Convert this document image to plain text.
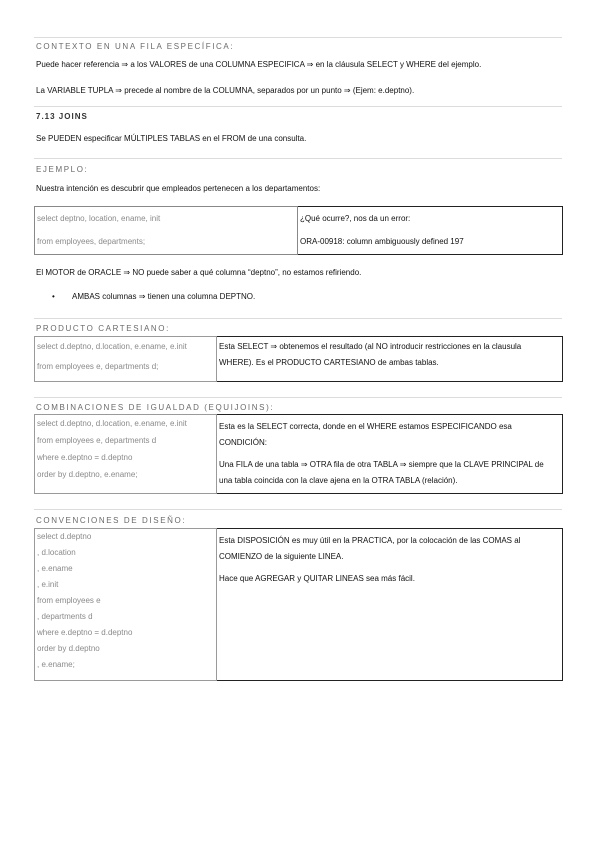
CONTEXTO EN UNA FILA ESPECÍFICA:
Puede hacer referencia ⇒ a los VALORES de una COLUMNA ESPECIFICA ⇒ en la cláusula SELECT y WHERE del ejemplo.
La VARIABLE TUPLA ⇒ precede al nombre de la COLUMNA, separados por un punto ⇒ (Ejem: e.deptno).
7.13 JOINS
Se PUEDEN especificar MÚLTIPLES TABLAS en el FROM de una consulta.
EJEMPLO:
Nuestra intención es descubrir que empleados pertenecen a los departamentos:
select deptno, location, ename, init
from employees, departments;

¿Qué ocurre?, nos da un error:
ORA-00918: column ambiguously defined 197
El MOTOR de ORACLE ⇒ NO puede saber a qué columna “deptno”, no estamos refiriendo.
• AMBAS columnas ⇒ tienen una columna DEPTNO.
PRODUCTO CARTESIANO:
select d.deptno, d.location, e.ename, e.init
from employees e, departments d;

Esta SELECT ⇒ obtenemos el resultado (al NO introducir restricciones en la clausula WHERE). Es el PRODUCTO CARTESIANO de ambas tablas.
COMBINACIONES DE IGUALDAD (EQUIJOINS):
select d.deptno, d.location, e.ename, e.init
from employees e, departments d
where e.deptno = d.deptno
order by d.deptno, e.ename;

Esta es la SELECT correcta, donde en el WHERE estamos ESPECIFICANDO esa CONDICIÓN:
Una FILA de una tabla ⇒ OTRA fila de otra TABLA ⇒ siempre que la CLAVE PRINCIPAL de una tabla coincida con la clave ajena en la OTRA TABLA (relación).
CONVENCIONES DE DISEÑO:
select d.deptno
, d.location
, e.ename
, e.init
from employees e
, departments d
where e.deptno = d.deptno
order by d.deptno
, e.ename;

Esta DISPOSICIÓN es muy útil en la PRACTICA, por la colocación de las COMAS al COMIENZO de la siguiente LINEA.
Hace que AGREGAR y QUITAR LINEAS sea más fácil.
